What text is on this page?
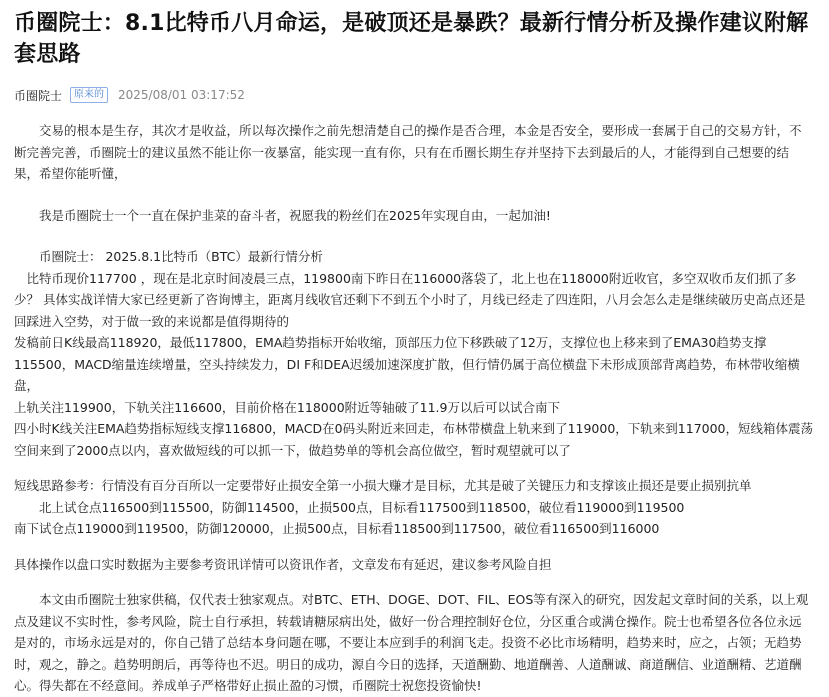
币圈院士：8.1比特币八月命运，是破顶还是暴跌？最新行情分析及操作建议附解套思路
币圈院士	原来的	2025/08/01 03:17:52

　　交易的根本是生存，其次才是收益，所以每次操作之前先想清楚自己的操作是否合理，本金是否安全，要形成一套属于自己的交易方针，不断完善完善，币圈院士的建议虽然不能让你一夜暴富，能实现一直有你，只有在币圈长期生存并坚持下去到最后的人，才能得到自己想要的结果，希望你能听懂，

　　我是币圈院士一个一直在保护韭菜的奋斗者，祝愿我的粉丝们在2025年实现自由，一起加油!

　　币圈院士： 2025.8.1比特币（BTC）最新行情分析

　比特币现价117700 ，现在是北京时间凌晨三点，119800南下昨日在116000落袋了，北上也在118000附近收官，多空双收币友们抓了多少？ 具体实战详情大家已经更新了咨询博主，距离月线收官还剩下不到五个小时了，月线已经走了四连阳，八月会怎么走是继续破历史高点还是回踩进入空势，对于做一致的来说都是值得期待的

发稿前日K线最高118920，最低117800，EMA趋势指标开始收缩，顶部压力位下移跌破了12万，支撑位也上移来到了EMA30趋势支撑115500，MACD缩量连续增量，空头持续发力，DI F和DEA迟缓加速深度扩散，但行情仍属于高位横盘下未形成顶部背离趋势，布林带收缩横盘，

上轨关注119900，下轨关注116600，目前价格在118000附近等轴破了11.9万以后可以试合南下

四小时K线关注EMA趋势指标短线支撑116800，MACD在0码头附近来回走，布林带横盘上轨来到了119000，下轨来到117000，短线箱体震荡空间来到了2000点以内，喜欢做短线的可以抓一下，做趋势单的等机会高位做空，暂时观望就可以了

短线思路参考：行情没有百分百所以一定要带好止损安全第一小损大赚才是目标，尤其是破了关键压力和支撑该止损还是要止损别抗单

　　北上试仓点116500到115500，防御114500，止损500点，目标看117500到118500，破位看119000到119500

南下试仓点119000到119500，防御120000，止损500点，目标看118500到117500，破位看116500到116000

具体操作以盘口实时数据为主要参考资讯详情可以资讯作者，文章发布有延迟，建议参考风险自担

　　本文由币圈院士独家供稿，仅代表士独家观点。对BTC、ETH、DOGE、DOT、FIL、EOS等有深入的研究，因发起文章时间的关系，以上观点及建议不实时性，参考风险，院士自行承担，转载请糖尿病出处，做好一份合理控制好仓位，分区重合或满仓操作。院士也希望各位各位永远是对的，市场永远是对的，你自己错了总结本身问题在哪，不要让本应到手的利润飞走。投资不必比市场精明，趋势来时，应之，占领；无趋势时，观之，静之。趋势明朗后，再等待也不迟。明日的成功，源自今日的选择，天道酬勤、地道酬善、人道酬诚、商道酬信、业道酬精、艺道酬心。得失都在不经意间。养成单子严格带好止损止盈的习惯，币圈院士祝您投资愉快!
